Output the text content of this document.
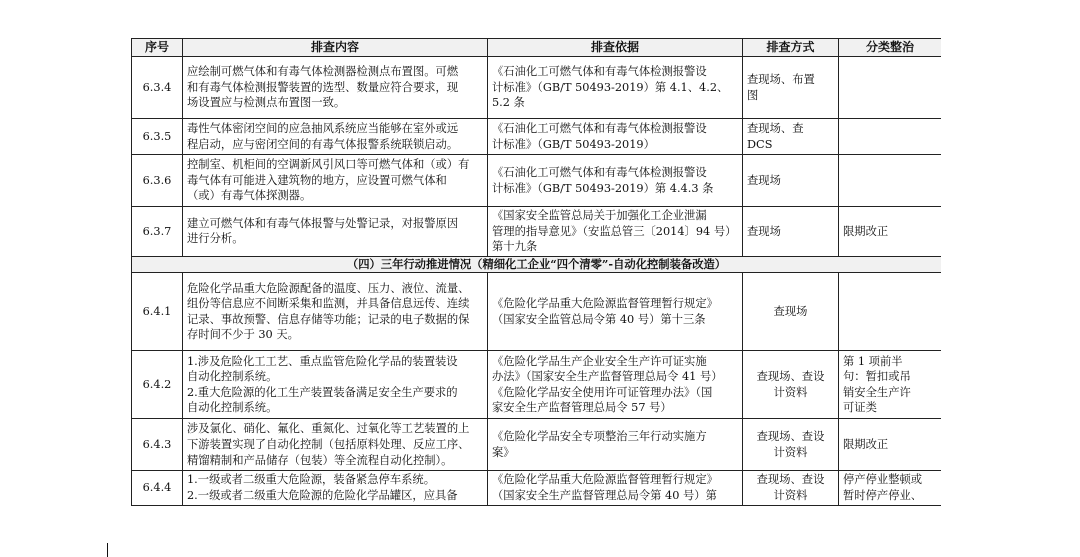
序号	排查内容	排查依据	排查方式	分类整治
6.3.4	应绘制可燃气体和有毒气体检测器检测点布置图。可燃
和有毒气体检测报警装置的选型、数量应符合要求，现
场设置应与检测点布置图一致。	《石油化工可燃气体和有毒气体检测报警设
计标准》（GB/T 50493-2019）第 4.1、4.2、
5.2 条	查现场、布置
图	

6.3.5	毒性气体密闭空间的应急抽风系统应当能够在室外或远
程启动，应与密闭空间的有毒气体报警系统联锁启动。	《石油化工可燃气体和有毒气体检测报警设
计标准》（GB/T 50493-2019）	查现场、查
DCS	

6.3.6	控制室、机柜间的空调新风引风口等可燃气体和（或）有
毒气体有可能进入建筑物的地方，应设置可燃气体和
（或）有毒气体探测器。	《石油化工可燃气体和有毒气体检测报警设
计标准》（GB/T 50493-2019）第 4.4.3 条	查现场	

6.3.7	建立可燃气体和有毒气体报警与处警记录，对报警原因
进行分析。	《国家安全监管总局关于加强化工企业泄漏
管理的指导意见》（安监总管三〔2014〕94 号）
第十九条	查现场	限期改正

（四）三年行动推进情况（精细化工企业“四个清零”-自动化控制装备改造）				
6.4.1	危险化学品重大危险源配备的温度、压力、液位、流量、
组份等信息应不间断采集和监测，并具备信息远传、连续
记录、事故预警、信息存储等功能；记录的电子数据的保
存时间不少于 30 天。	《危险化学品重大危险源监督管理暂行规定》
（国家安全监管总局令第 40 号）第十三条	查现场	

6.4.2	1.涉及危险化工工艺、重点监管危险化学品的装置装设
自动化控制系统。
2.重大危险源的化工生产装置装备满足安全生产要求的
自动化控制系统。	《危险化学品生产企业安全生产许可证实施
办法》（国家安全生产监督管理总局令 41 号）
《危险化学品安全使用许可证管理办法》（国
家安全生产监督管理总局令 57 号）	查现场、查设
计资料	第 1 项前半
句：暂扣或吊
销安全生产许
可证类

6.4.3	涉及氯化、硝化、氟化、重氮化、过氧化等工艺装置的上
下游装置实现了自动化控制（包括原料处理、反应工序、
精馏精制和产品储存（包装）等全流程自动化控制）。	《危险化学品安全专项整治三年行动实施方
案》	查现场、查设
计资料	限期改正

6.4.4	1.一级或者二级重大危险源，装备紧急停车系统。
2.一级或者二级重大危险源的危险化学品罐区，应具备	《危险化学品重大危险源监督管理暂行规定》
（国家安全生产监督管理总局令第 40 号）第	查现场、查设
计资料	停产停业整顿或
暂时停产停业、
